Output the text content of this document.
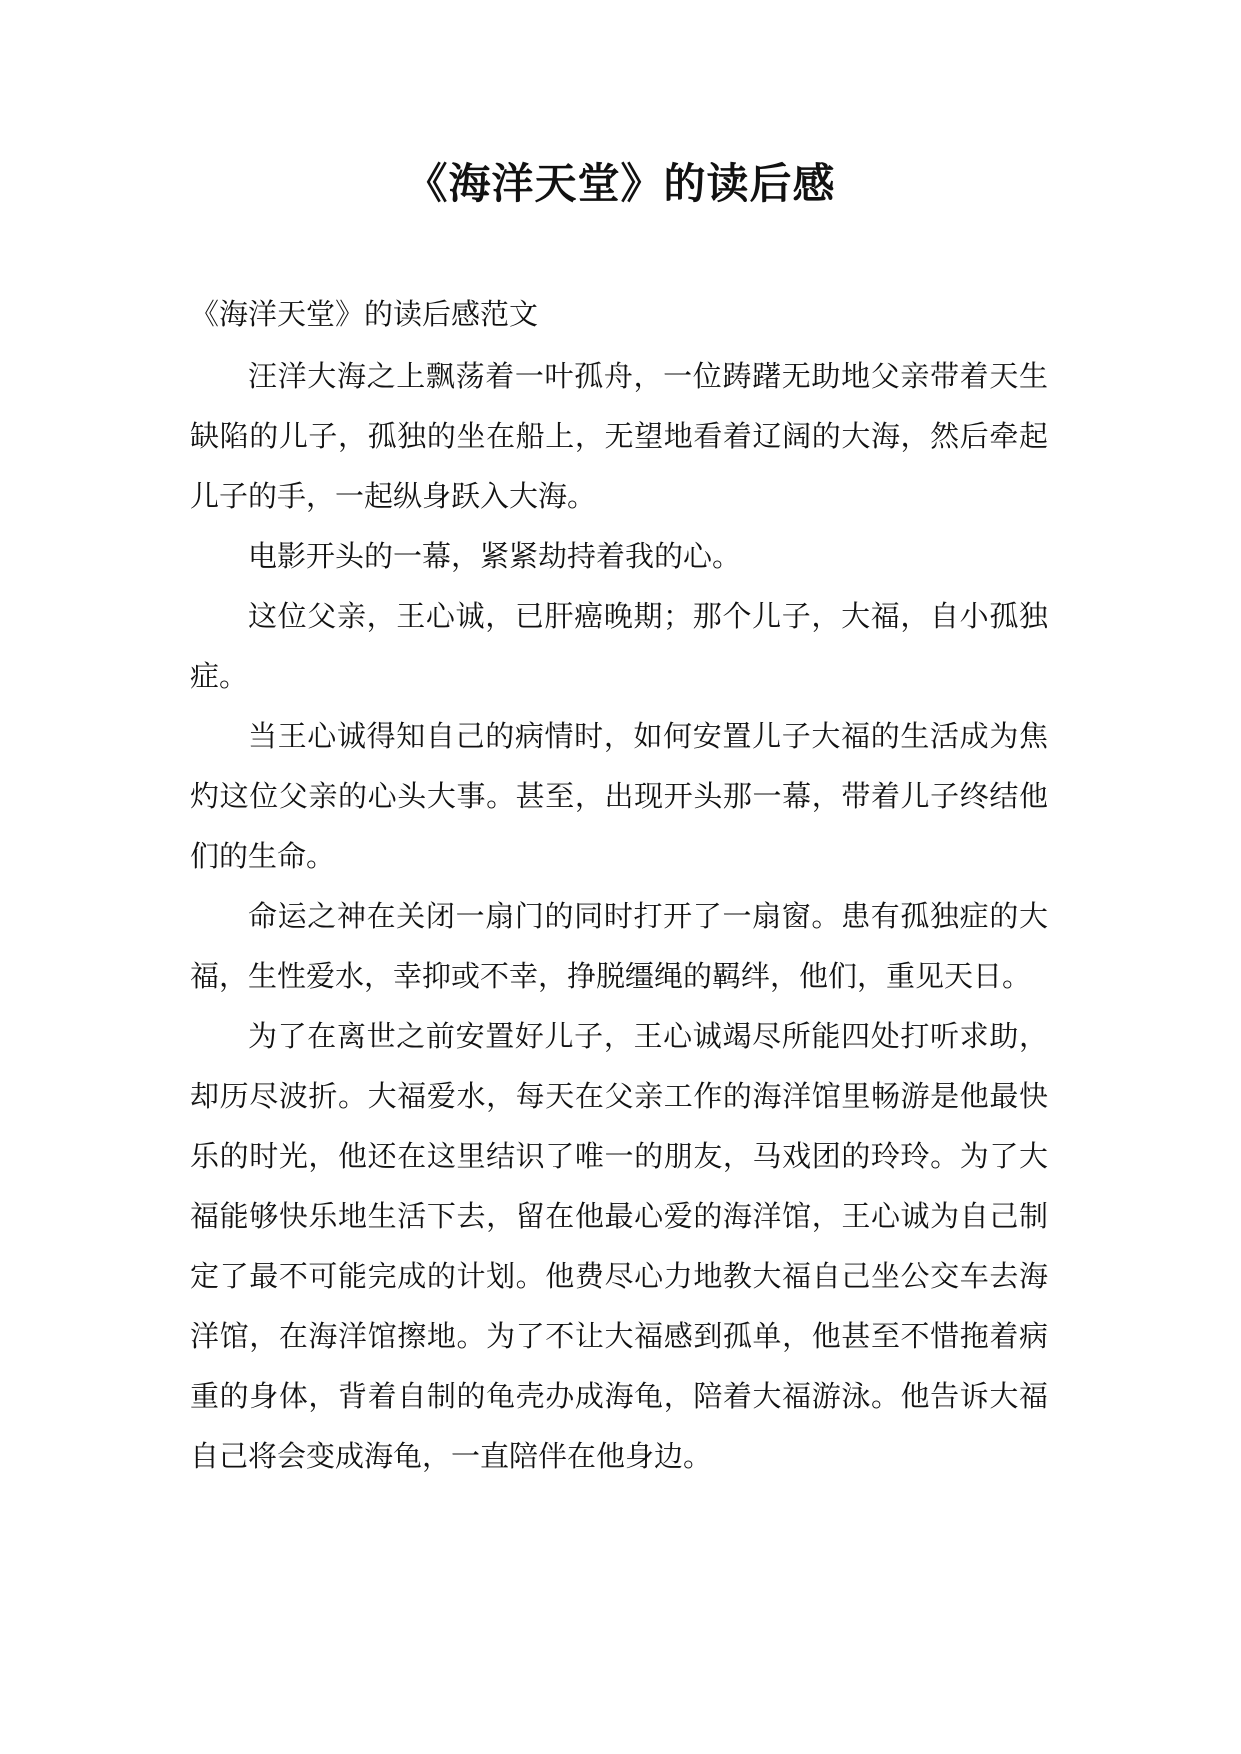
《海洋天堂》的读后感

《海洋天堂》的读后感范文

汪洋大海之上飘荡着一叶孤舟，一位踌躇无助地父亲带着天生缺陷的儿子，孤独的坐在船上，无望地看着辽阔的大海，然后牵起儿子的手，一起纵身跃入大海。

电影开头的一幕，紧紧劫持着我的心。

这位父亲，王心诚，已肝癌晚期；那个儿子，大福，自小孤独症。

当王心诚得知自己的病情时，如何安置儿子大福的生活成为焦灼这位父亲的心头大事。甚至，出现开头那一幕，带着儿子终结他们的生命。

命运之神在关闭一扇门的同时打开了一扇窗。患有孤独症的大福，生性爱水，幸抑或不幸，挣脱缰绳的羁绊，他们，重见天日。

为了在离世之前安置好儿子，王心诚竭尽所能四处打听求助，却历尽波折。大福爱水，每天在父亲工作的海洋馆里畅游是他最快乐的时光，他还在这里结识了唯一的朋友，马戏团的玲玲。为了大福能够快乐地生活下去，留在他最心爱的海洋馆，王心诚为自己制定了最不可能完成的计划。他费尽心力地教大福自己坐公交车去海洋馆，在海洋馆擦地。为了不让大福感到孤单，他甚至不惜拖着病重的身体，背着自制的龟壳办成海龟，陪着大福游泳。他告诉大福自己将会变成海龟，一直陪伴在他身边。
